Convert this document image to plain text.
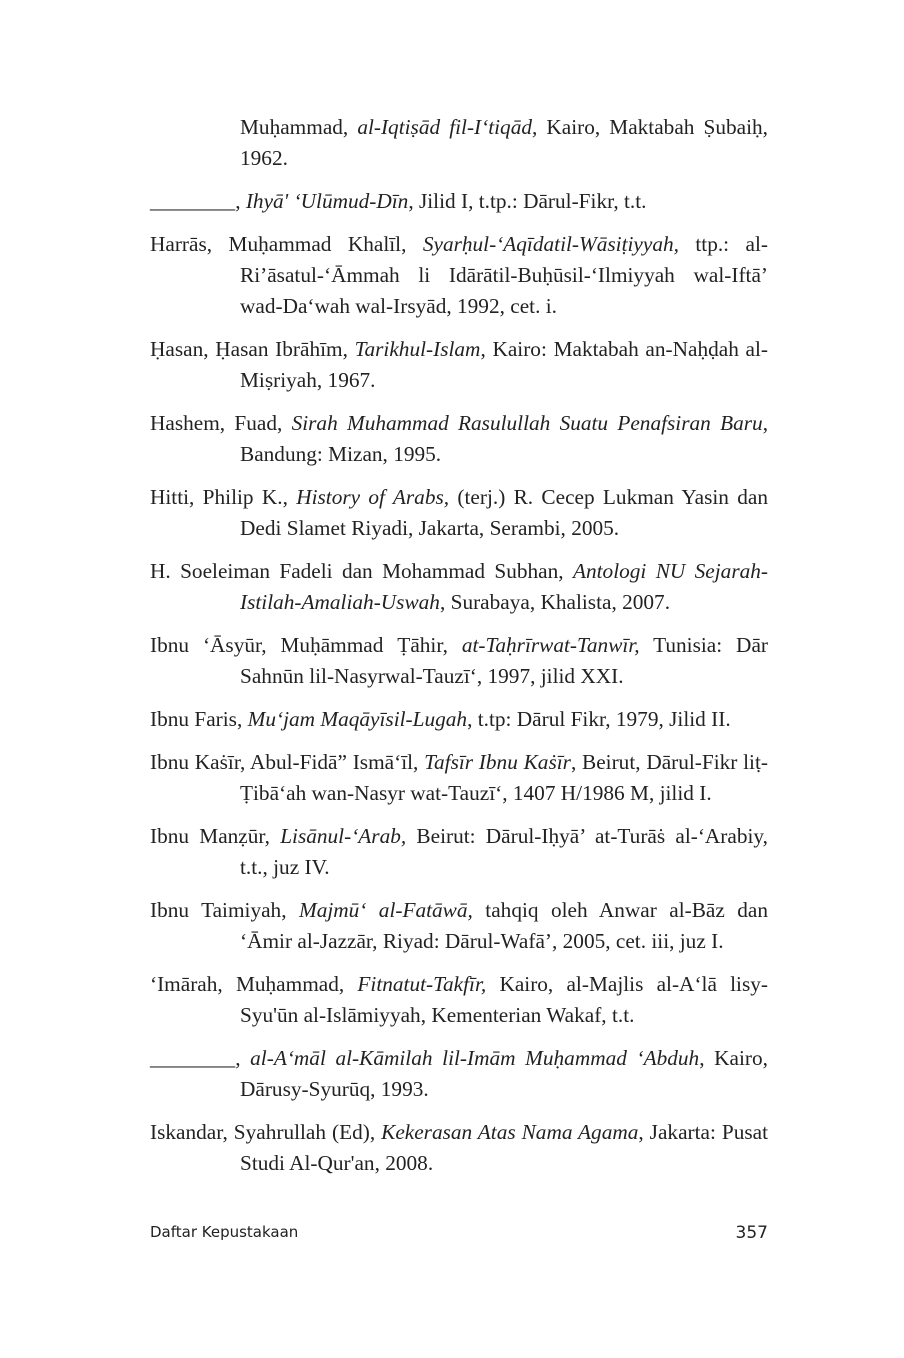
Muḥammad, al-Iqtiṣād fil-I‘tiqād, Kairo, Maktabah Ṣubaiḥ, 1962.

________, Ihyā' ‘Ulūmud-Dīn, Jilid I, t.tp.: Dārul-Fikr, t.t.

Harrās, Muḥammad Khalīl, Syarḥul-‘Aqīdatil-Wāsiṭiyyah, ttp.: al-Ri’āsatul-‘Āmmah li Idārātil-Buḥūsil-‘Ilmiyyah wal-Iftā’ wad-Da‘wah wal-Irsyād, 1992, cet. i.

Ḥasan, Ḥasan Ibrāhīm, Tarikhul-Islam, Kairo: Maktabah an-Naḥḍah al-Miṣriyah, 1967.

Hashem, Fuad, Sirah Muhammad Rasulullah Suatu Penafsiran Baru, Bandung: Mizan, 1995.

Hitti, Philip K., History of Arabs, (terj.) R. Cecep Lukman Yasin dan Dedi Slamet Riyadi, Jakarta, Serambi, 2005.

H. Soeleiman Fadeli dan Mohammad Subhan, Antologi NU Sejarah-Istilah-Amaliah-Uswah, Surabaya, Khalista, 2007.

Ibnu ‘Āsyūr, Muḥāmmad Ṭāhir, at-Taḥrīrwat-Tanwīr, Tunisia: Dār Sahnūn lil-Nasyrwal-Tauzī‘, 1997, jilid XXI.

Ibnu Faris, Mu‘jam Maqāyīsil-Lugah, t.tp: Dārul Fikr, 1979, Jilid II.

Ibnu Kaṡīr, Abul-Fidā” Ismā‘īl, Tafsīr Ibnu Kaṡīr, Beirut, Dārul-Fikr liṭ-Ṭibā‘ah wan-Nasyr wat-Tauzī‘, 1407 H/1986 M, jilid I.

Ibnu Manẓūr, Lisānul-‘Arab, Beirut: Dārul-Iḥyā’ at-Turāṡ al-‘Arabiy, t.t., juz IV.

Ibnu Taimiyah, Majmū‘ al-Fatāwā, tahqiq oleh Anwar al-Bāz dan ‘Āmir al-Jazzār, Riyad: Dārul-Wafā’, 2005, cet. iii, juz I.

‘Imārah, Muḥammad, Fitnatut-Takfīr, Kairo, al-Majlis al-A‘lā lisy-Syu'ūn al-Islāmiyyah, Kementerian Wakaf, t.t.

________, al-A‘māl al-Kāmilah lil-Imām Muḥammad ‘Abduh, Kairo, Dārusy-Syurūq, 1993.

Iskandar, Syahrullah (Ed), Kekerasan Atas Nama Agama, Jakarta: Pusat Studi Al-Qur'an, 2008.

Daftar Kepustakaan	357
